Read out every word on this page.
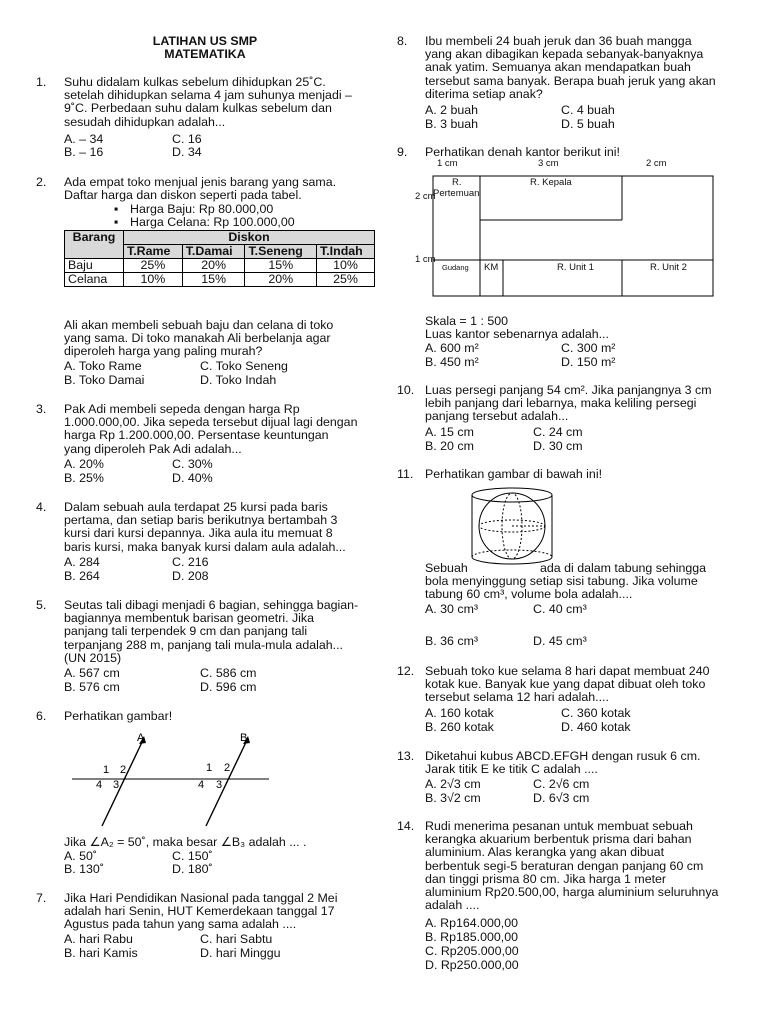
LATIHAN US SMP
MATEMATIKA
1.	Suhu didalam kulkas sebelum dihidupkan 25˚C.
setelah dihidupkan selama 4 jam suhunya menjadi –
9˚C. Perbedaan suhu dalam kulkas sebelum dan
sesudah dihidupkan adalah...
A. – 34	C. 16
B. – 16	D. 34
2.	Ada empat toko menjual jenis barang yang sama.
Daftar harga dan diskon seperti pada tabel.
▪ Harga Baju: Rp 80.000,00
▪ Harga Celana: Rp 100.000,00
Barang	Diskon			
	T.Rame	T.Damai	T.Seneng	T.Indah
Baju	25%	20%	15%	10%
Celana	10%	15%	20%	25%
Ali akan membeli sebuah baju dan celana di toko
yang sama. Di toko manakah Ali berbelanja agar
diperoleh harga yang paling murah?
A. Toko Rame	C. Toko Seneng
B. Toko Damai	D. Toko Indah
3.	Pak Adi membeli sepeda dengan harga Rp
1.000.000,00. Jika sepeda tersebut dijual lagi dengan
harga Rp 1.200.000,00. Persentase keuntungan
yang diperoleh Pak Adi adalah...
A. 20%	C. 30%
B. 25%	D. 40%
4.	Dalam sebuah aula terdapat 25 kursi pada baris
pertama, dan setiap baris berikutnya bertambah 3
kursi dari kursi depannya. Jika aula itu memuat 8
baris kursi, maka banyak kursi dalam aula adalah...
A. 284	C. 216
B. 264	D. 208
5.	Seutas tali dibagi menjadi 6 bagian, sehingga bagian-
bagiannya membentuk barisan geometri. Jika
panjang tali terpendek 9 cm dan panjang tali
terpanjang 288 m, panjang tali mula-mula adalah...
(UN 2015)
A. 567 cm	C. 586 cm
B. 576 cm	D. 596 cm
6.	Perhatikan gambar!
A	B
1 2
4 3
1 2
4 3
Jika ∠A₂ = 50˚, maka besar ∠B₃ adalah ... .
A. 50˚	C. 150˚
B. 130˚	D. 180˚
7.	Jika Hari Pendidikan Nasional pada tanggal 2 Mei
adalah hari Senin, HUT Kemerdekaan tanggal 17
Agustus pada tahun yang sama adalah ....
A. hari Rabu	C. hari Sabtu
B. hari Kamis	D. hari Minggu
8.	Ibu membeli 24 buah jeruk dan 36 buah mangga
yang akan dibagikan kepada sebanyak-banyaknya
anak yatim. Semuanya akan mendapatkan buah
tersebut sama banyak. Berapa buah jeruk yang akan
diterima setiap anak?
A. 2 buah	C. 4 buah
B. 3 buah	D. 5 buah
9.	Perhatikan denah kantor berikut ini!
1 cm	3 cm	2 cm
2 cm
1 cm
R.
Pertemuan
R. Kepala
Gudang KM	R. Unit 1	R. Unit 2
Skala = 1 : 500
Luas kantor sebenarnya adalah...
A. 600 m²	C. 300 m²
B. 450 m²	D. 150 m²
10. Luas persegi panjang 54 cm². Jika panjangnya 3 cm
lebih panjang dari lebarnya, maka keliling persegi
panjang tersebut adalah...
A. 15 cm	C. 24 cm
B. 20 cm	D. 30 cm
11. Perhatikan gambar di bawah ini!
Sebuah                     ada di dalam tabung sehingga
bola menyinggung setiap sisi tabung. Jika volume
tabung 60 cm³, volume bola adalah....
A. 30 cm³	C. 40 cm³
B. 36 cm³	D. 45 cm³
12. Sebuah toko kue selama 8 hari dapat membuat 240
kotak kue. Banyak kue yang dapat dibuat oleh toko
tersebut selama 12 hari adalah....
A. 160 kotak	C. 360 kotak
B. 260 kotak	D. 460 kotak
13. Diketahui kubus ABCD.EFGH dengan rusuk 6 cm.
Jarak titik E ke titik C adalah ....
A. 2√3 cm	C. 2√6 cm
B. 3√2 cm	D. 6√3 cm
14. Rudi menerima pesanan untuk membuat sebuah
kerangka akuarium berbentuk prisma dari bahan
aluminium. Alas kerangka yang akan dibuat
berbentuk segi-5 beraturan dengan panjang 60 cm
dan tinggi prisma 80 cm. Jika harga 1 meter
aluminium Rp20.500,00, harga aluminium seluruhnya
adalah ....
A. Rp164.000,00
B. Rp185.000,00
C. Rp205.000,00
D. Rp250.000,00
